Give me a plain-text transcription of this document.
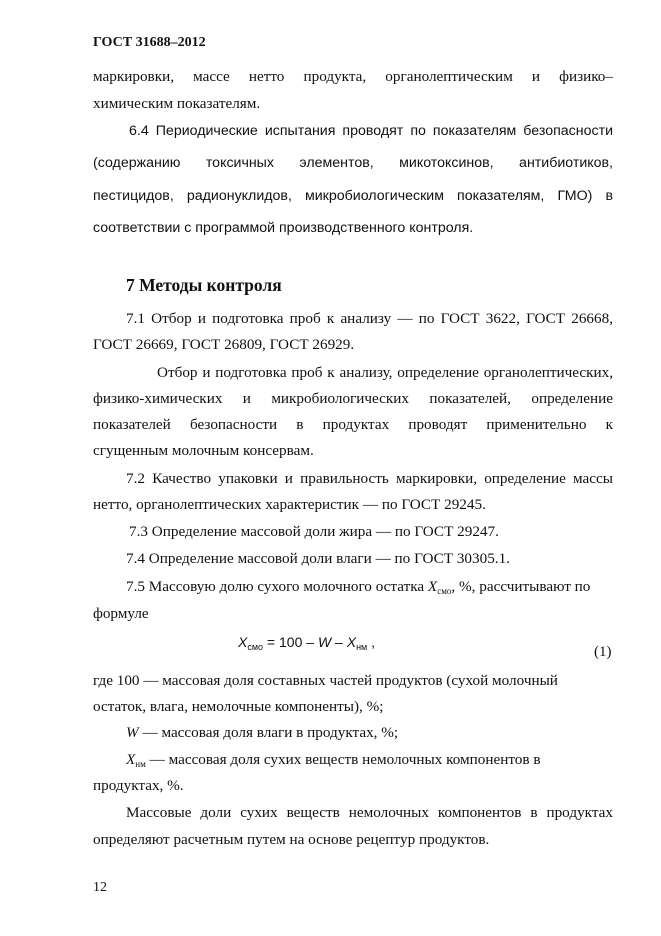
ГОСТ 31688–2012
маркировки, массе нетто продукта, органолептическим и физико–
химическим показателям.
6.4 Периодические испытания проводят по показателям безопасности
(содержанию токсичных элементов, микотоксинов, антибиотиков,
пестицидов, радионуклидов, микробиологическим показателям, ГМО) в
соответствии с программой производственного контроля.
7 Методы контроля
7.1 Отбор и подготовка проб к анализу — по ГОСТ 3622, ГОСТ 26668,
ГОСТ 26669, ГОСТ 26809, ГОСТ 26929.
Отбор и подготовка проб к анализу, определение органолептических,
физико-химических и микробиологических показателей, определение
показателей безопасности в продуктах проводят применительно к
сгущенным молочным консервам.
7.2 Качество упаковки и правильность маркировки, определение массы
нетто, органолептических характеристик ― по ГОСТ 29245.
7.3 Определение массовой доли жира — по ГОСТ 29247.
7.4 Определение массовой доли влаги — по ГОСТ 30305.1.
7.5 Массовую долю сухого молочного остатка $X_{смо}$, %, рассчитывают по
формуле
$X_{смо} = 100 - W - X_{нм}$ ,
(1)
где 100 ― массовая доля составных частей продуктов (сухой молочный
остаток, влага, немолочные компоненты), %;
W ― массовая доля влаги в продуктах, %;
$X_{нм}$ ― массовая доля сухих веществ немолочных компонентов в
продуктах, %.
Массовые доли сухих веществ немолочных компонентов в продуктах
определяют расчетным путем на основе рецептур продуктов.
12
